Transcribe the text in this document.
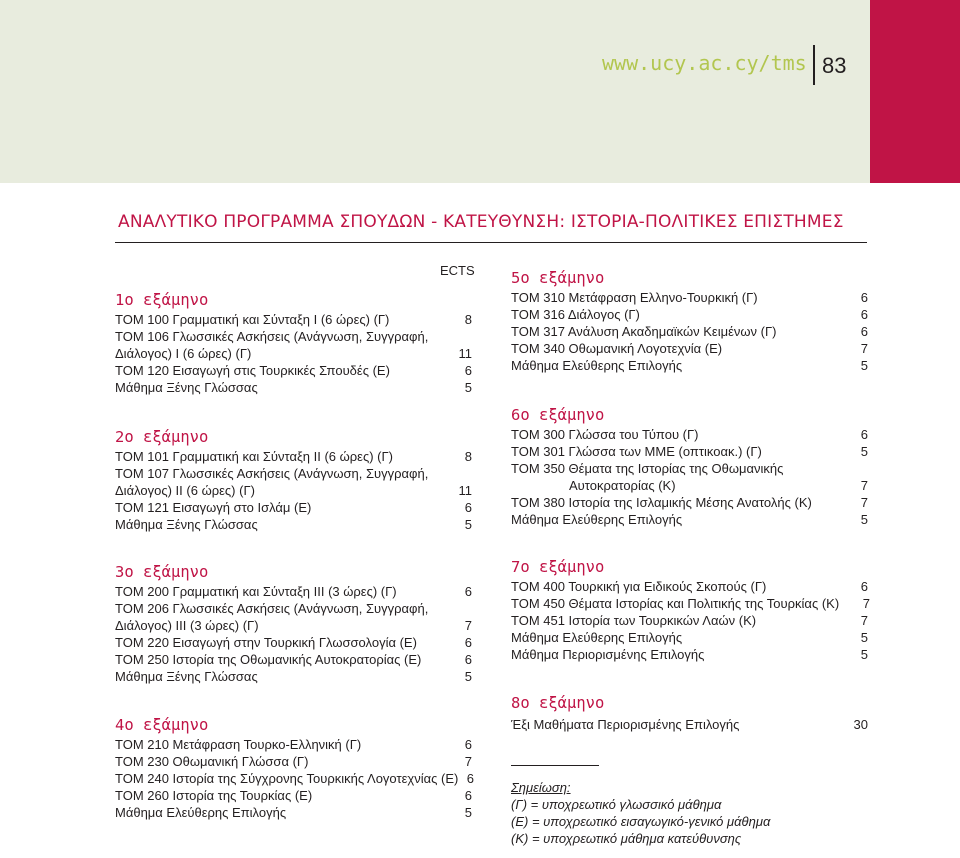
www.ucy.ac.cy/tms 83
ΑΝΑΛΥΤΙΚΟ ΠΡΟΓΡΑΜΜΑ ΣΠΟΥΔΩΝ - ΚΑΤΕΥΘΥΝΣΗ: ΙΣΤΟΡΙΑ-ΠΟΛΙΤΙΚΕΣ ΕΠΙΣΤΗΜΕΣ
ECTS
1ο εξάμηνο
ΤΟΜ 100 Γραμματική και Σύνταξη Ι (6 ώρες) (Γ)	8
ΤΟΜ 106 Γλωσσικές Ασκήσεις (Ανάγνωση, Συγγραφή,
Διάλογος) Ι (6 ώρες) (Γ)	11
ΤΟΜ 120 Εισαγωγή στις Τουρκικές Σπουδές (Ε)	6
Μάθημα Ξένης Γλώσσας	5
2ο εξάμηνο
ΤΟΜ 101 Γραμματική και Σύνταξη ΙΙ (6 ώρες) (Γ)	8
ΤΟΜ 107 Γλωσσικές Ασκήσεις (Ανάγνωση, Συγγραφή,
Διάλογος) ΙΙ (6 ώρες) (Γ)	11
ΤΟΜ 121 Εισαγωγή στο Ισλάμ (Ε)	6
Μάθημα Ξένης Γλώσσας	5
3ο εξάμηνο
ΤΟΜ 200 Γραμματική και Σύνταξη ΙΙΙ (3 ώρες) (Γ)	6
ΤΟΜ 206 Γλωσσικές Ασκήσεις (Ανάγνωση, Συγγραφή,
Διάλογος) ΙΙΙ (3 ώρες) (Γ)	7
ΤΟΜ 220 Εισαγωγή στην Τουρκική Γλωσσολογία (Ε)	6
ΤΟΜ 250 Ιστορία της Οθωμανικής Αυτοκρατορίας (Ε)	6
Μάθημα Ξένης Γλώσσας	5
4ο εξάμηνο
ΤΟΜ 210 Μετάφραση Τουρκο-Ελληνική (Γ)	6
ΤΟΜ 230 Οθωμανική Γλώσσα (Γ)	7
ΤΟΜ 240 Ιστορία της Σύγχρονης Τουρκικής Λογοτεχνίας (Ε) 6
ΤΟΜ 260 Ιστορία της Τουρκίας (Ε)	6
Μάθημα Ελεύθερης Επιλογής	5
5ο εξάμηνο
ΤΟΜ 310 Μετάφραση Ελληνο-Τουρκική (Γ)	6
ΤΟΜ 316 Διάλογος (Γ)	6
ΤΟΜ 317 Ανάλυση Ακαδημαϊκών Κειμένων (Γ)	6
ΤΟΜ 340 Οθωμανική Λογοτεχνία (Ε)	7
Μάθημα Ελεύθερης Επιλογής	5
6ο εξάμηνο
ΤΟΜ 300 Γλώσσα του Τύπου (Γ)	6
ΤΟΜ 301 Γλώσσα των ΜΜΕ (οπτικοακ.) (Γ)	5
ΤΟΜ 350 Θέματα της Ιστορίας της Οθωμανικής
Αυτοκρατορίας (Κ)	7
ΤΟΜ 380 Ιστορία της Ισλαμικής Μέσης Ανατολής (Κ)	7
Μάθημα Ελεύθερης Επιλογής	5
7ο εξάμηνο
ΤΟΜ 400 Τουρκική για Ειδικούς Σκοπούς (Γ)	6
ΤΟΜ 450 Θέματα Ιστορίας και Πολιτικής της Τουρκίας (Κ) 7
ΤΟΜ 451 Ιστορία των Τουρκικών Λαών (Κ)	7
Μάθημα Ελεύθερης Επιλογής	5
Μάθημα Περιορισμένης Επιλογής	5
8ο εξάμηνο
Έξι Μαθήματα Περιορισμένης Επιλογής	30
Σημείωση:
(Γ) = υποχρεωτικό γλωσσικό μάθημα
(Ε) = υποχρεωτικό εισαγωγικό-γενικό μάθημα
(Κ) = υποχρεωτικό μάθημα κατεύθυνσης
